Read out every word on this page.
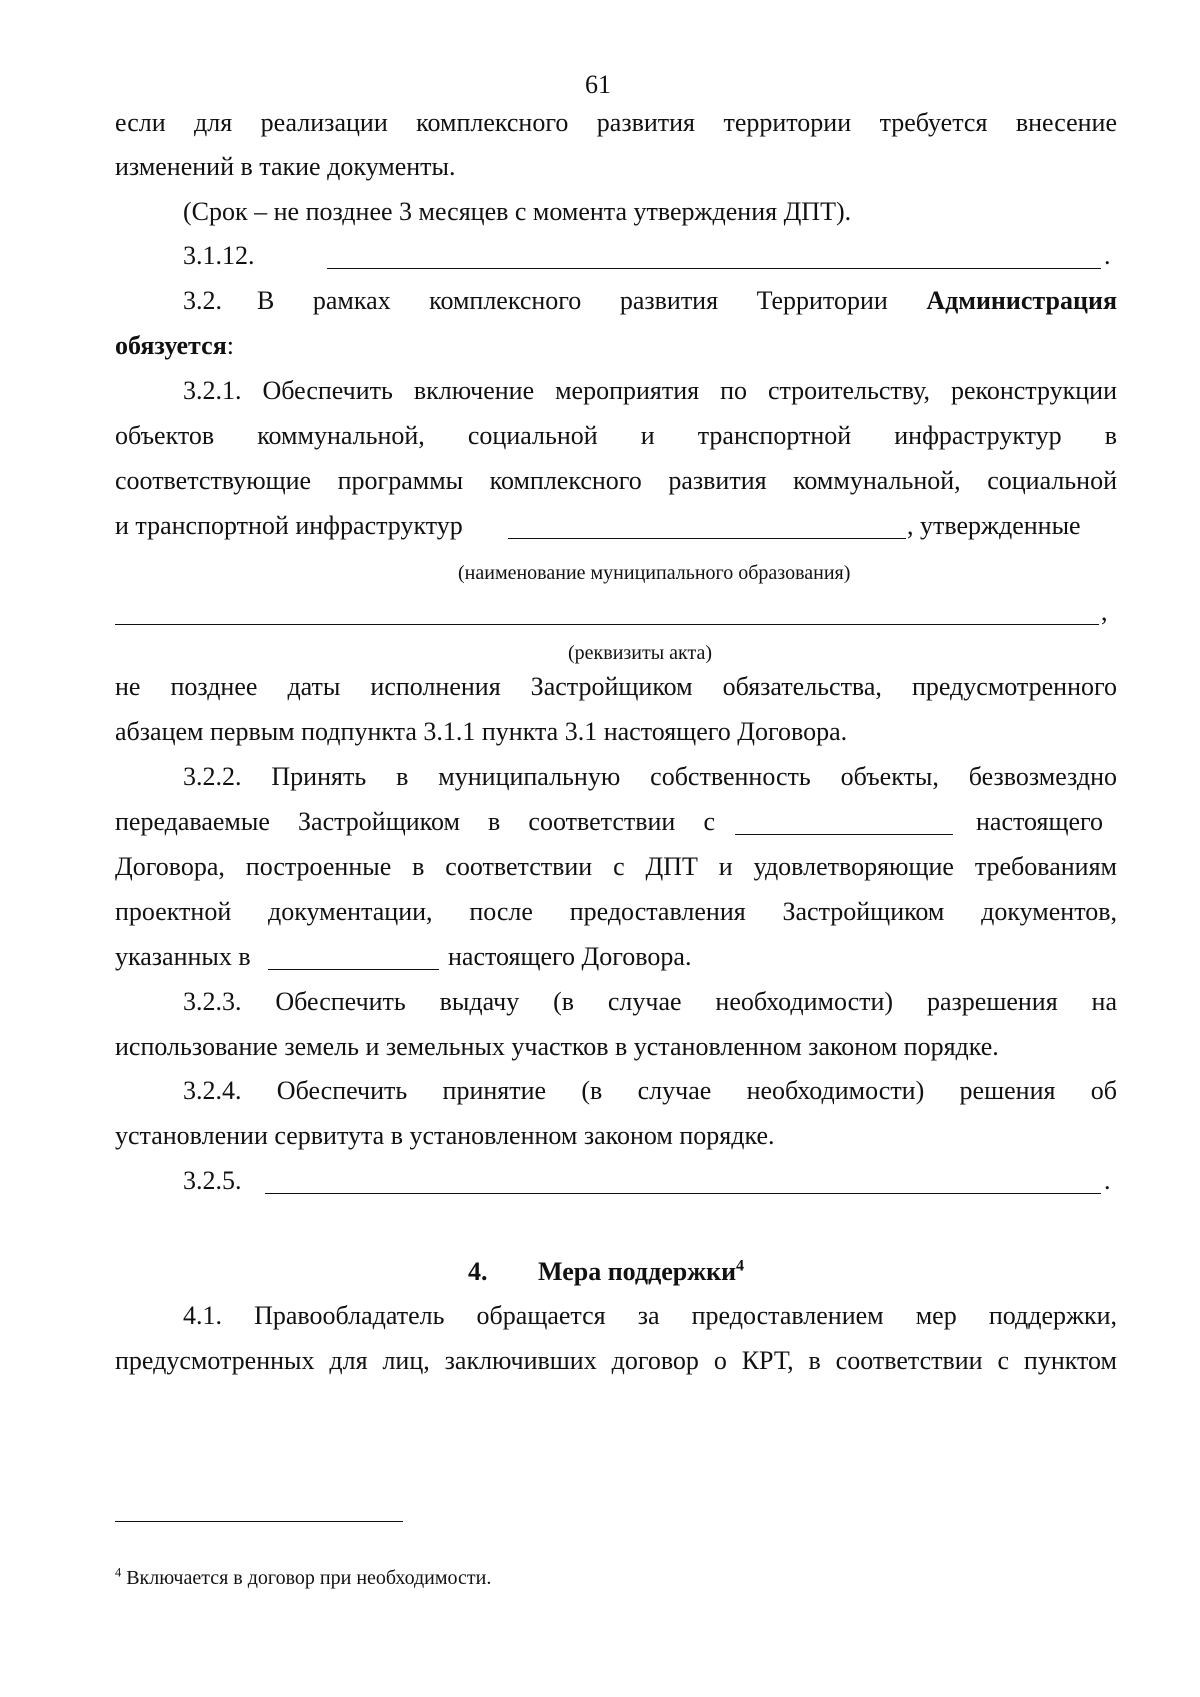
61
если для реализации комплексного развития территории требуется внесение
изменений в такие документы.
(Срок – не позднее 3 месяцев с момента утверждения ДПТ).
3.1.12.	.
3.2. В рамках комплексного развития Территории Администрация
обязуется:
3.2.1. Обеспечить включение мероприятия по строительству, реконструкции
объектов коммунальной, социальной и транспортной инфраструктур в
соответствующие программы комплексного развития коммунальной, социальной
и транспортной инфраструктур	, утвержденные
(наименование муниципального образования)
,
(реквизиты акта)
не позднее даты исполнения Застройщиком обязательства, предусмотренного
абзацем первым подпункта 3.1.1 пункта 3.1 настоящего Договора.
3.2.2. Принять в муниципальную собственность объекты, безвозмездно
передаваемые Застройщиком в соответствии с	настоящего
Договора, построенные в соответствии с ДПТ и удовлетворяющие требованиям
проектной документации, после предоставления Застройщиком документов,
указанных в	настоящего Договора.
3.2.3. Обеспечить выдачу (в случае необходимости) разрешения на
использование земель и земельных участков в установленном законом порядке.
3.2.4. Обеспечить принятие (в случае необходимости) решения об
установлении сервитута в установленном законом порядке.
3.2.5.	.
4. Мера поддержки$^4$
4.1. Правообладатель обращается за предоставлением мер поддержки,
предусмотренных для лиц, заключивших договор о КРТ, в соответствии с пунктом
$^4$ Включается в договор при необходимости.
